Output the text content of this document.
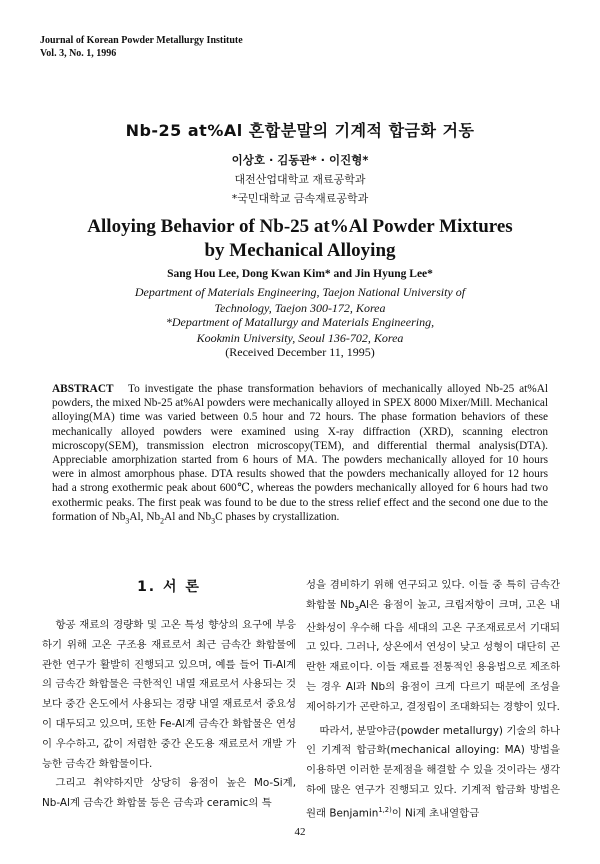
Journal of Korean Powder Metallurgy Institute
Vol. 3, No. 1, 1996
Nb-25 at%Al 혼합분말의 기계적 합금화 거동
이상호 · 김동관* · 이진형*
대전산업대학교 재료공학과
*국민대학교 금속재료공학과
Alloying Behavior of Nb-25 at%Al Powder Mixtures
by Mechanical Alloying
Sang Hou Lee, Dong Kwan Kim* and Jin Hyung Lee*
Department of Materials Engineering, Taejon National University of
Technology, Taejon 300-172, Korea
*Department of Matallurgy and Materials Engineering,
Kookmin University, Seoul 136-702, Korea
(Received December 11, 1995)
ABSTRACT To investigate the phase transformation behaviors of mechanically alloyed Nb-25 at%Al powders, the mixed Nb-25 at%Al powders were mechanically alloyed in SPEX 8000 Mixer/Mill. Mechanical alloying(MA) time was varied between 0.5 hour and 72 hours. The phase formation behaviors of these mechanically alloyed powders were examined using X-ray diffraction (XRD), scanning electron microscopy(SEM), transmission electron microscopy(TEM), and differential thermal analysis(DTA). Appreciable amorphization started from 6 hours of MA. The powders mechanically alloyed for 10 hours were in almost amorphous phase. DTA results showed that the powders mechanically alloyed for 12 hours had a strong exothermic peak about 600℃, whereas the powders mechanically alloyed for 6 hours had two exothermic peaks. The first peak was found to be due to the stress relief effect and the second one due to the formation of $Nb_3Al$, $Nb_2Al$ and $Nb_3C$ phases by crystallization.
1. 서 론

항공 재료의 경량화 및 고온 특성 향상의 요구에 부응하기 위해 고온 구조용 재료로서 최근 금속간 화합물에 관한 연구가 활발히 진행되고 있으며, 예를 들어 Ti-Al계의 금속간 화합물은 극한적인 내열 재료로서 사용되는 것보다 중간 온도에서 사용되는 경량 내열 재료로서 중요성이 대두되고 있으며, 또한 Fe-Al계 금속간 화합물은 연성이 우수하고, 값이 저렴한 중간 온도용 재료로서 개발 가능한 금속간 화합물이다.

그리고 취약하지만 상당히 융점이 높은 Mo-Si계, Nb-Al계 금속간 화합물 등은 금속과 ceramic의 특

성을 겸비하기 위해 연구되고 있다. 이들 중 특히 금속간 화합물 $Nb_3Al$은 융점이 높고, 크립저항이 크며, 고온 내산화성이 우수해 다음 세대의 고온 구조재료로서 기대되고 있다. 그러나, 상온에서 연성이 낮고 성형이 대단히 곤란한 재료이다. 이들 재료를 전통적인 용융법으로 제조하는 경우 Al과 Nb의 융점이 크게 다르기 때문에 조성을 제어하기가 곤란하고, 결정립이 조대화되는 경향이 있다.

따라서, 분말야금(powder metallurgy) 기술의 하나인 기계적 합금화(mechanical alloying: MA) 방법을 이용하면 이러한 문제점을 해결할 수 있을 것이라는 생각하에 많은 연구가 진행되고 있다. 기계적 합금화 방법은 원래 Benjamin$^{1,2)}$이 Ni계 초내열합금

42
